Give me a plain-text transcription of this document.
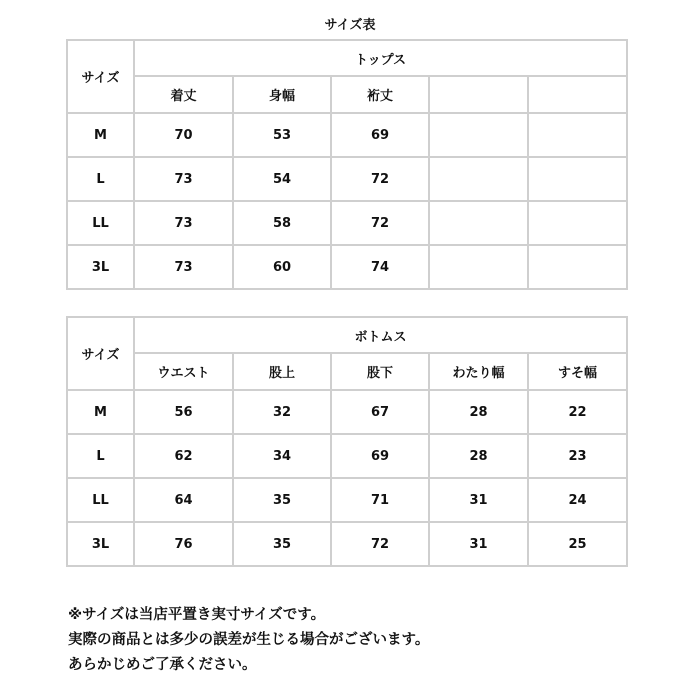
サイズ表
サイズ	トップス				
	着丈	身幅	裄丈		
M	70	53	69		
L	73	54	72		
LL	73	58	72		
3L	73	60	74		
サイズ	ボトムス				
	ウエスト	股上	股下	わたり幅	すそ幅
M	56	32	67	28	22
L	62	34	69	28	23
LL	64	35	71	31	24
3L	76	35	72	31	25
※サイズは当店平置き実寸サイズです。
実際の商品とは多少の誤差が生じる場合がございます。
あらかじめご了承ください。
